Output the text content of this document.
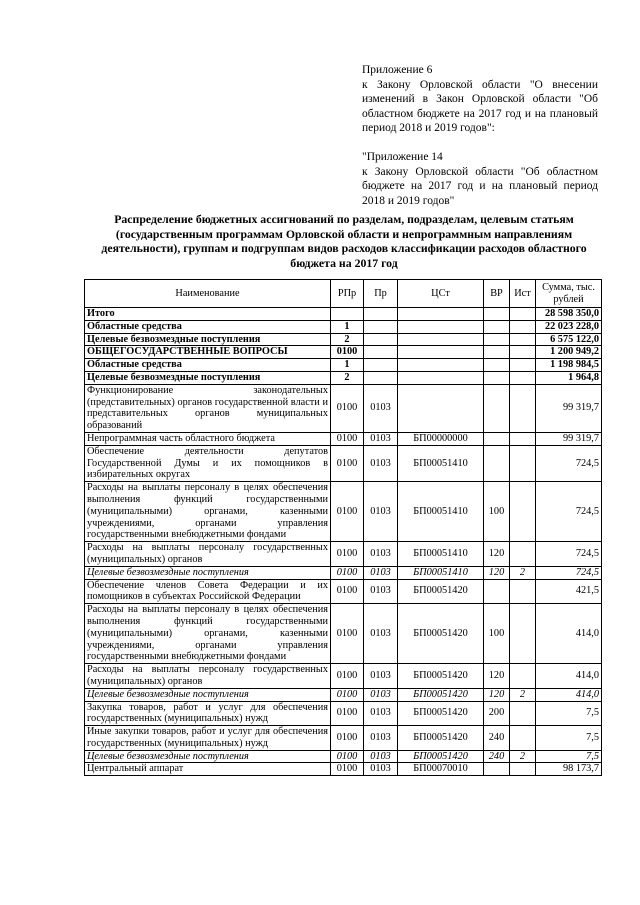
Приложение 6

к Закону Орловской области "О внесении изменений в Закон Орловской области "Об областном бюджете на 2017 год и на плановый период 2018 и 2019 годов":

"Приложение 14

к Закону Орловской области "Об областном бюджете на 2017 год и на плановый период 2018 и 2019 годов"

Распределение бюджетных ассигнований по разделам, подразделам, целевым статьям (государственным программам Орловской области и непрограммным направлениям деятельности), группам и подгруппам видов расходов классификации расходов областного бюджета на 2017 год

Наименование	РПр	Пр	ЦСт	ВР	Ист	Сумма, тыс. рублей
Итого						28 598 350,0
Областные средства	1					22 023 228,0
Целевые безвозмездные поступления	2					6 575 122,0
ОБЩЕГОСУДАРСТВЕННЫЕ ВОПРОСЫ	0100					1 200 949,2
Областные средства	1					1 198 984,5
Целевые безвозмездные поступления	2					1 964,8
Функционирование законодательных (представительных) органов государственной власти и представительных органов муниципальных образований	0100	0103				99 319,7
Непрограммная часть областного бюджета	0100	0103	БП00000000			99 319,7
Обеспечение деятельности депутатов Государственной Думы и их помощников в избирательных округах	0100	0103	БП00051410			724,5
Расходы на выплаты персоналу в целях обеспечения выполнения функций государственными (муниципальными) органами, казенными учреждениями, органами управления государственными внебюджетными фондами	0100	0103	БП00051410	100		724,5
Расходы на выплаты персоналу государственных (муниципальных) органов	0100	0103	БП00051410	120		724,5
Целевые безвозмездные поступления	0100	0103	БП00051410	120	2	724,5
Обеспечение членов Совета Федерации и их помощников в субъектах Российской Федерации	0100	0103	БП00051420			421,5
Расходы на выплаты персоналу в целях обеспечения выполнения функций государственными (муниципальными) органами, казенными учреждениями, органами управления государственными внебюджетными фондами	0100	0103	БП00051420	100		414,0
Расходы на выплаты персоналу государственных (муниципальных) органов	0100	0103	БП00051420	120		414,0
Целевые безвозмездные поступления	0100	0103	БП00051420	120	2	414,0
Закупка товаров, работ и услуг для обеспечения государственных (муниципальных) нужд	0100	0103	БП00051420	200		7,5
Иные закупки товаров, работ и услуг для обеспечения государственных (муниципальных) нужд	0100	0103	БП00051420	240		7,5
Целевые безвозмездные поступления	0100	0103	БП00051420	240	2	7,5
Центральный аппарат	0100	0103	БП00070010			98 173,7
